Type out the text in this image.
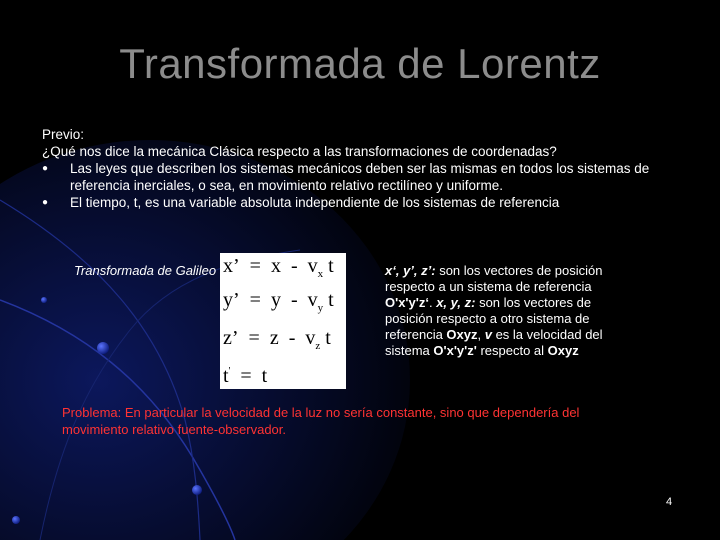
Transformada de Lorentz

Previo:

¿Qué nos dice la mecánica Clásica respecto a las transformaciones de coordenadas?

●	Las leyes que describen los sistemas mecánicos deben ser las mismas en todos los sistemas de referencia inerciales, o sea, en movimiento relativo rectilíneo y uniforme.

●	El tiempo, t, es una variable absoluta independiente de los sistemas de referencia

Transformada de Galileo x’ = x - $v_x$ t
y’ = y - $v_y$ t
z’ = z - $v_z$ t
t' = t
x‘, y’, z’: son los vectores de posición respecto a un sistema de referencia O'x'y'z‘. x, y, z: son los vectores de posición respecto a otro sistema de referencia Oxyz, v es la velocidad del sistema O'x'y'z' respecto al Oxyz
Problema: En particular la velocidad de la luz no sería constante, sino que dependería del movimiento relativo fuente-observador.
4
